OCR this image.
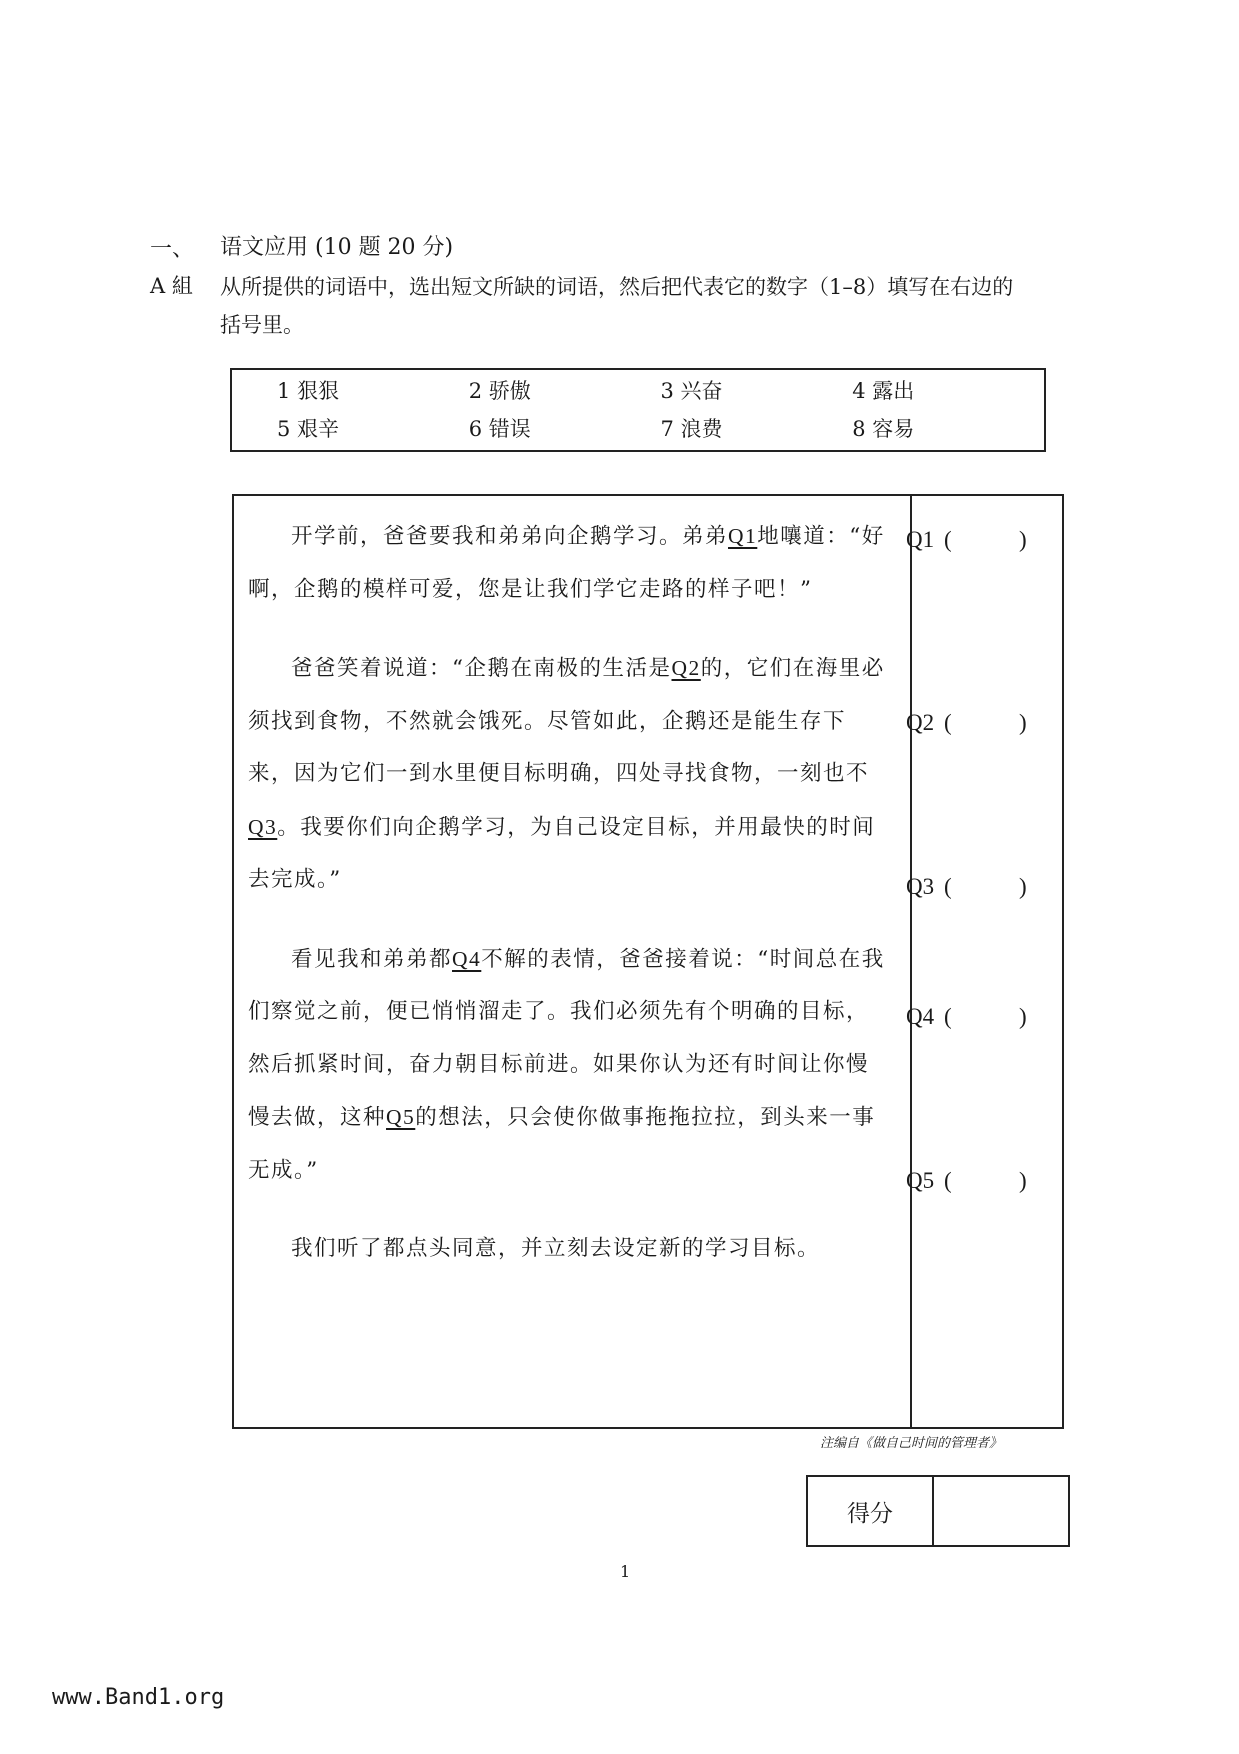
一、 语文应用 (10 题 20 分)
A 組 从所提供的词语中，选出短文所缺的词语，然后把代表它的数字（1–8）填写在右边的括号里。
1 狠狠	2 骄傲	3 兴奋	4 露出
5 艰辛	6 错误	7 浪费	8 容易

开学前，爸爸要我和弟弟向企鹅学习。弟弟Q1地嚷道：“好啊，企鹅的模样可爱，您是让我们学它走路的样子吧！”

爸爸笑着说道：“企鹅在南极的生活是Q2的，它们在海里必须找到食物，不然就会饿死。尽管如此，企鹅还是能生存下来，因为它们一到水里便目标明确，四处寻找食物，一刻也不Q3。我要你们向企鹅学习，为自己设定目标，并用最快的时间去完成。”

看见我和弟弟都Q4不解的表情，爸爸接着说：“时间总在我们察觉之前，便已悄悄溜走了。我们必须先有个明确的目标，然后抓紧时间，奋力朝目标前进。如果你认为还有时间让你慢慢去做，这种Q5的想法，只会使你做事拖拖拉拉，到头来一事无成。”

我们听了都点头同意，并立刻去设定新的学习目标。

Q1 (	)
Q2 (	)
Q3 (	)
Q4 (	)
Q5 (	)
注编自《做自己时间的管理者》
得分
1
www.Band1.org
